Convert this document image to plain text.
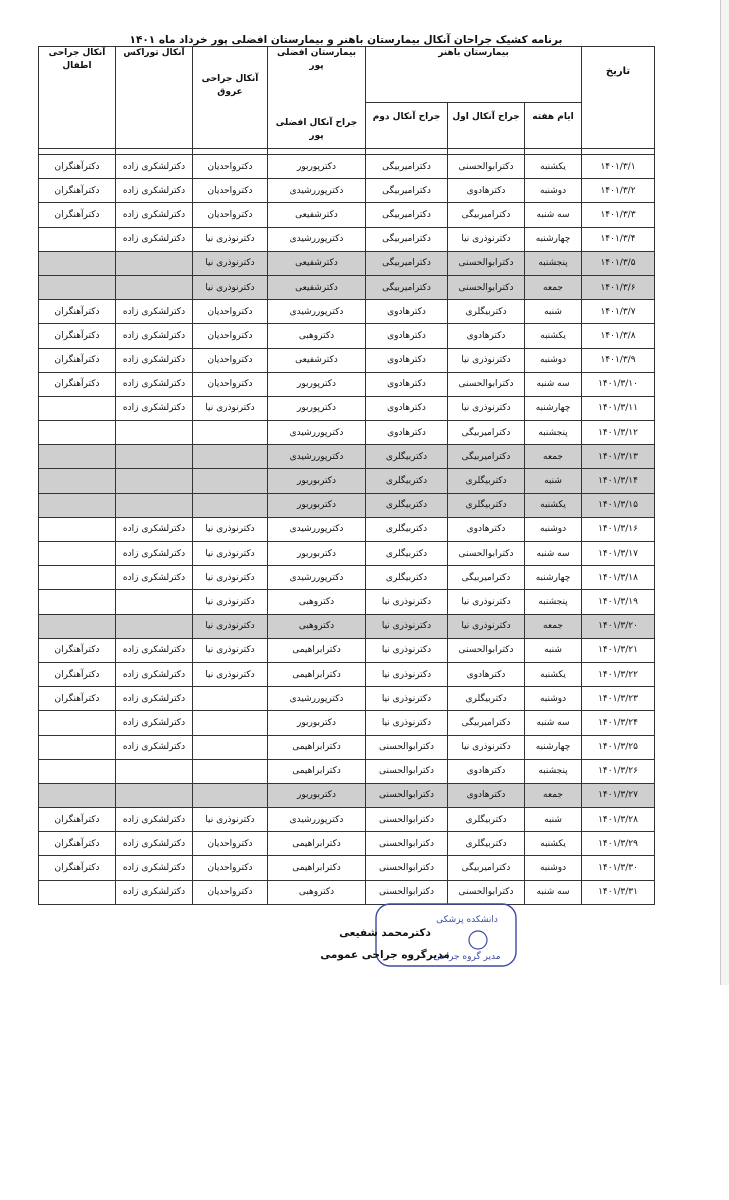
برنامه کشیک جراحان آنکال بیمارستان باهنر و بیمارستان افضلی پور خرداد ماه ۱۴۰۱
تاریخ	بیمارستان باهنر			بیمارستان افضلی پور
جراح آنکال افضلی پور	آنکال جراحی عروق	آنکال توراکس	آنکال جراحی اطفال
	ایام هفته	جراح آنکال اول	جراح آنکال دوم				

۱۴۰۱/۳/۱	یکشنبه	دکترابوالحسنی	دکترامیربیگی	دکترپوربور	دکترواحدیان	دکترلشکری زاده	دکترآهنگران
۱۴۰۱/۳/۲	دوشنبه	دکترهادوی	دکترامیربیگی	دکترپوررشیدی	دکترواحدیان	دکترلشکری زاده	دکترآهنگران
۱۴۰۱/۳/۳	سه شنبه	دکترامیربیگی	دکترامیربیگی	دکترشفیعی	دکترواحدیان	دکترلشکری زاده	دکترآهنگران
۱۴۰۱/۳/۴	چهارشنبه	دکترنوذری نیا	دکترامیربیگی	دکترپوررشیدی	دکترنوذری نیا	دکترلشکری زاده	
۱۴۰۱/۳/۵	پنجشنبه	دکترابوالحسنی	دکترامیربیگی	دکترشفیعی	دکترنوذری نیا		
۱۴۰۱/۳/۶	جمعه	دکترابوالحسنی	دکترامیربیگی	دکترشفیعی	دکترنوذری نیا		
۱۴۰۱/۳/۷	شنبه	دکتربیگلری	دکترهادوی	دکترپوررشیدی	دکترواحدیان	دکترلشکری زاده	دکترآهنگران
۱۴۰۱/۳/۸	یکشنبه	دکترهادوی	دکترهادوی	دکتروهبی	دکترواحدیان	دکترلشکری زاده	دکترآهنگران
۱۴۰۱/۳/۹	دوشنبه	دکترنوذری نیا	دکترهادوی	دکترشفیعی	دکترواحدیان	دکترلشکری زاده	دکترآهنگران
۱۴۰۱/۳/۱۰	سه شنبه	دکترابوالحسنی	دکترهادوی	دکترپوربور	دکترواحدیان	دکترلشکری زاده	دکترآهنگران
۱۴۰۱/۳/۱۱	چهارشنبه	دکترنوذری نیا	دکترهادوی	دکترپوربور	دکترنوذری نیا	دکترلشکری زاده	
۱۴۰۱/۳/۱۲	پنجشنبه	دکترامیربیگی	دکترهادوی	دکترپوررشیدی			
۱۴۰۱/۳/۱۳	جمعه	دکترامیربیگی	دکتربیگلری	دکترپوررشیدی			
۱۴۰۱/۳/۱۴	شنبه	دکتربیگلری	دکتربیگلری	دکتربوربور			
۱۴۰۱/۳/۱۵	یکشنبه	دکتربیگلری	دکتربیگلری	دکتربوربور			
۱۴۰۱/۳/۱۶	دوشنبه	دکترهادوی	دکتربیگلری	دکترپوررشیدی	دکترنوذری نیا	دکترلشکری زاده	
۱۴۰۱/۳/۱۷	سه شنبه	دکترابوالحسنی	دکتربیگلری	دکتربوربور	دکترنوذری نیا	دکترلشکری زاده	
۱۴۰۱/۳/۱۸	چهارشنبه	دکترامیربیگی	دکتربیگلری	دکترپوررشیدی	دکترنوذری نیا	دکترلشکری زاده	
۱۴۰۱/۳/۱۹	پنجشنبه	دکترنوذری نیا	دکترنوذری نیا	دکتروهبی	دکترنوذری نیا		
۱۴۰۱/۳/۲۰	جمعه	دکترنوذری نیا	دکترنوذری نیا	دکتروهبی	دکترنوذری نیا		
۱۴۰۱/۳/۲۱	شنبه	دکترابوالحسنی	دکترنوذری نیا	دکترابراهیمی	دکترنوذری نیا	دکترلشکری زاده	دکترآهنگران
۱۴۰۱/۳/۲۲	یکشنبه	دکترهادوی	دکترنوذری نیا	دکترابراهیمی	دکترنوذری نیا	دکترلشکری زاده	دکترآهنگران
۱۴۰۱/۳/۲۳	دوشنبه	دکتربیگلری	دکترنوذری نیا	دکترپوررشیدی		دکترلشکری زاده	دکترآهنگران
۱۴۰۱/۳/۲۴	سه شنبه	دکترامیربیگی	دکترنوذری نیا	دکتربوربور		دکترلشکری زاده	
۱۴۰۱/۳/۲۵	چهارشنبه	دکترنوذری نیا	دکترابوالحسنی	دکترابراهیمی		دکترلشکری زاده	
۱۴۰۱/۳/۲۶	پنجشنبه	دکترهادوی	دکترابوالحسنی	دکترابراهیمی			
۱۴۰۱/۳/۲۷	جمعه	دکترهادوی	دکترابوالحسنی	دکتربوربور			
۱۴۰۱/۳/۲۸	شنبه	دکتربیگلری	دکترابوالحسنی	دکترپوررشیدی	دکترنوذری نیا	دکترلشکری زاده	دکترآهنگران
۱۴۰۱/۳/۲۹	یکشنبه	دکتربیگلری	دکترابوالحسنی	دکترابراهیمی	دکترواحدیان	دکترلشکری زاده	دکترآهنگران
۱۴۰۱/۳/۳۰	دوشنبه	دکترامیربیگی	دکترابوالحسنی	دکترابراهیمی	دکترواحدیان	دکترلشکری زاده	دکترآهنگران
۱۴۰۱/۳/۳۱	سه شنبه	دکترابوالحسنی	دکترابوالحسنی	دکتروهبی	دکترواحدیان	دکترلشکری زاده	
دانشکده پزشکی
مدیر گروه جراحی
دکترمحمد شفیعی
مدیرگروه جراحی عمومی
